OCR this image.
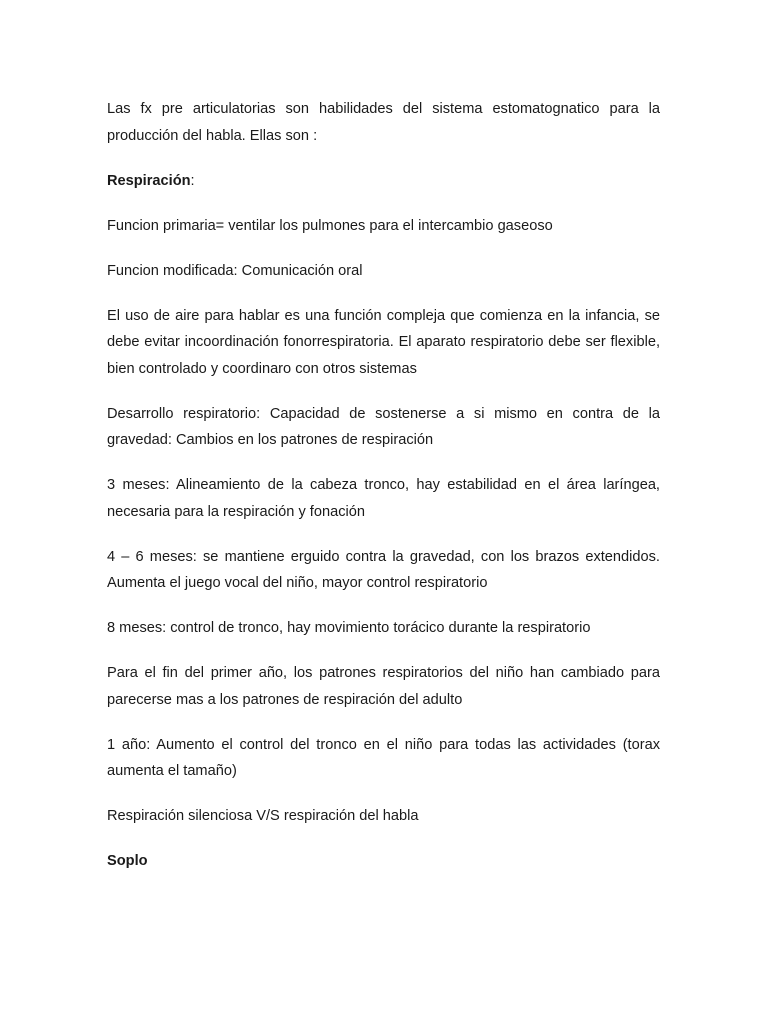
Las fx pre articulatorias son habilidades del sistema estomatognatico para la producción del habla. Ellas son :

Respiración:

Funcion primaria= ventilar los pulmones para el intercambio gaseoso

Funcion modificada: Comunicación oral

El uso de aire para hablar es una función compleja que comienza en la infancia, se debe evitar incoordinación fonorrespiratoria. El aparato respiratorio debe ser flexible, bien controlado y coordinaro con otros sistemas

Desarrollo respiratorio: Capacidad de sostenerse a si mismo en contra de la gravedad: Cambios en los patrones de respiración

3 meses: Alineamiento de la cabeza tronco, hay estabilidad en el área laríngea, necesaria para la respiración y fonación

4 – 6 meses: se mantiene erguido contra la gravedad, con los brazos extendidos. Aumenta el juego vocal del niño, mayor control respiratorio

8 meses: control de tronco, hay movimiento torácico durante la respiratorio

Para el fin del primer año, los patrones respiratorios del niño han cambiado para parecerse mas a los patrones de respiración del adulto

1 año: Aumento el control del tronco en el niño para todas las actividades (torax aumenta el tamaño)

Respiración silenciosa V/S respiración del habla

Soplo
